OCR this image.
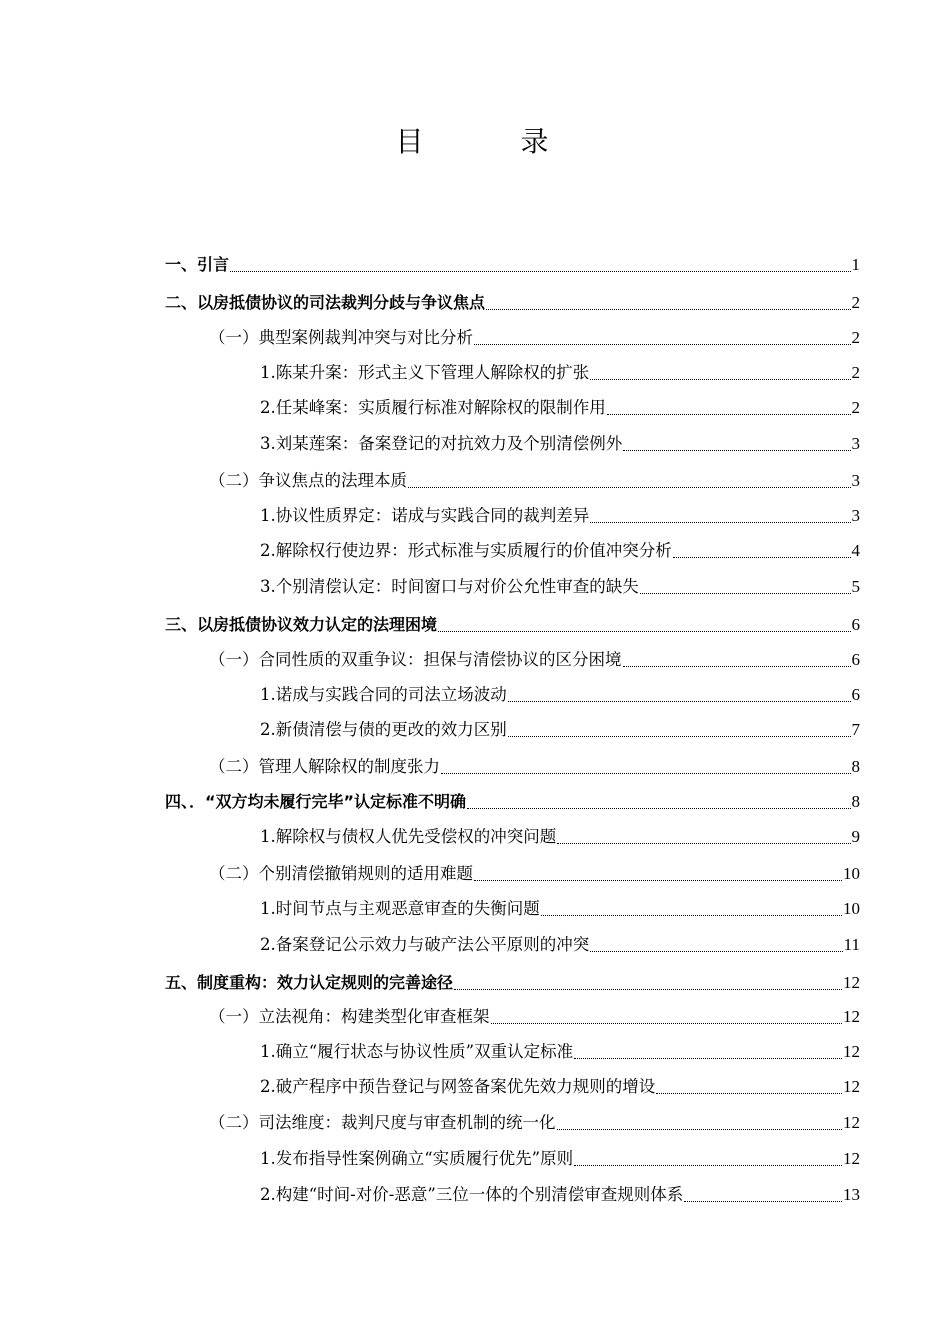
目 录
一、引言	1
二、以房抵债协议的司法裁判分歧与争议焦点	2
（一）典型案例裁判冲突与对比分析	2
1.陈某升案：形式主义下管理人解除权的扩张	2
2.任某峰案：实质履行标准对解除权的限制作用	2
3.刘某莲案：备案登记的对抗效力及个别清偿例外	3
（二）争议焦点的法理本质	3
1.协议性质界定：诺成与实践合同的裁判差异	3
2.解除权行使边界：形式标准与实质履行的价值冲突分析	4
3.个别清偿认定：时间窗口与对价公允性审查的缺失	5
三、以房抵债协议效力认定的法理困境	6
（一）合同性质的双重争议：担保与清偿协议的区分困境	6
1.诺成与实践合同的司法立场波动	6
2.新债清偿与债的更改的效力区别	7
（二）管理人解除权的制度张力	8
四、．“双方均未履行完毕”认定标准不明确	8
1.解除权与债权人优先受偿权的冲突问题	9
（二）个别清偿撤销规则的适用难题	10
1.时间节点与主观恶意审查的失衡问题	10
2.备案登记公示效力与破产法公平原则的冲突	11
五、制度重构：效力认定规则的完善途径	12
（一）立法视角：构建类型化审查框架	12
1.确立“履行状态与协议性质”双重认定标准	12
2.破产程序中预告登记与网签备案优先效力规则的增设	12
（二）司法维度：裁判尺度与审查机制的统一化	12
1.发布指导性案例确立“实质履行优先”原则	12
2.构建“时间-对价-恶意”三位一体的个别清偿审查规则体系	13
